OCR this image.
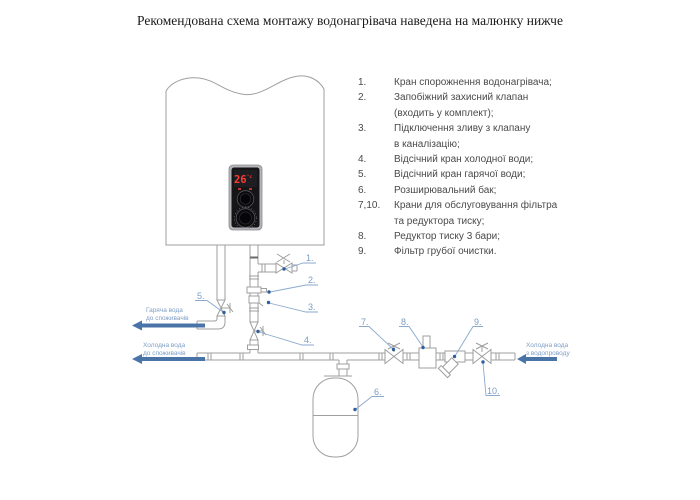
Рекомендована схема монтажу водонагрівача наведена на малюнку нижче
1.	Кран спорожнення водонагрівача;
2.	Запобіжний захисний клапан
(входить у комплект);
3.	Підключення зливу з клапану
в каналізацію;
4.	Відсічний кран холодної води;
5.	Відсічний кран гарячої води;
6.	Розширювальний бак;
7,10.	Крани для обслуговування фільтра
та редуктора тиску;
8.	Редуктор тиску 3 бари;
9.	Фільтр грубої очистки.
$26^{^\circ c}$
Гаряча вода
до споживачів
Холодна вода
до споживачів
Холодна вода
з водопроводу
1.
2.
3.
4.
5.
6.
7.	8.	9.
10.
